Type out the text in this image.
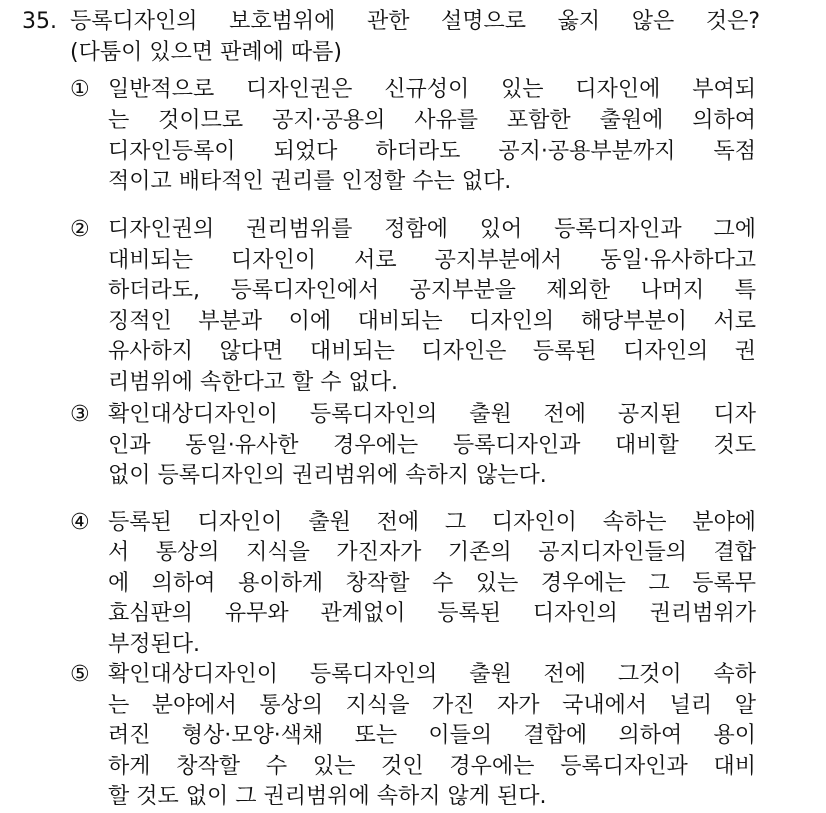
35. 등록디자인의 보호범위에 관한 설명으로 옳지 않은 것은?
(다툼이 있으면 판례에 따름)
① 일반적으로 디자인권은 신규성이 있는 디자인에 부여되
는 것이므로 공지·공용의 사유를 포함한 출원에 의하여
디자인등록이 되었다 하더라도 공지·공용부분까지 독점
적이고 배타적인 권리를 인정할 수는 없다.
② 디자인권의 권리범위를 정함에 있어 등록디자인과 그에
대비되는 디자인이 서로 공지부분에서 동일·유사하다고
하더라도, 등록디자인에서 공지부분을 제외한 나머지 특
징적인 부분과 이에 대비되는 디자인의 해당부분이 서로
유사하지 않다면 대비되는 디자인은 등록된 디자인의 권
리범위에 속한다고 할 수 없다.
③ 확인대상디자인이 등록디자인의 출원 전에 공지된 디자
인과 동일·유사한 경우에는 등록디자인과 대비할 것도
없이 등록디자인의 권리범위에 속하지 않는다.
④ 등록된 디자인이 출원 전에 그 디자인이 속하는 분야에
서 통상의 지식을 가진자가 기존의 공지디자인들의 결합
에 의하여 용이하게 창작할 수 있는 경우에는 그 등록무
효심판의 유무와 관계없이 등록된 디자인의 권리범위가
부정된다.
⑤ 확인대상디자인이 등록디자인의 출원 전에 그것이 속하
는 분야에서 통상의 지식을 가진 자가 국내에서 널리 알
려진 형상·모양·색채 또는 이들의 결합에 의하여 용이
하게 창작할 수 있는 것인 경우에는 등록디자인과 대비
할 것도 없이 그 권리범위에 속하지 않게 된다.
